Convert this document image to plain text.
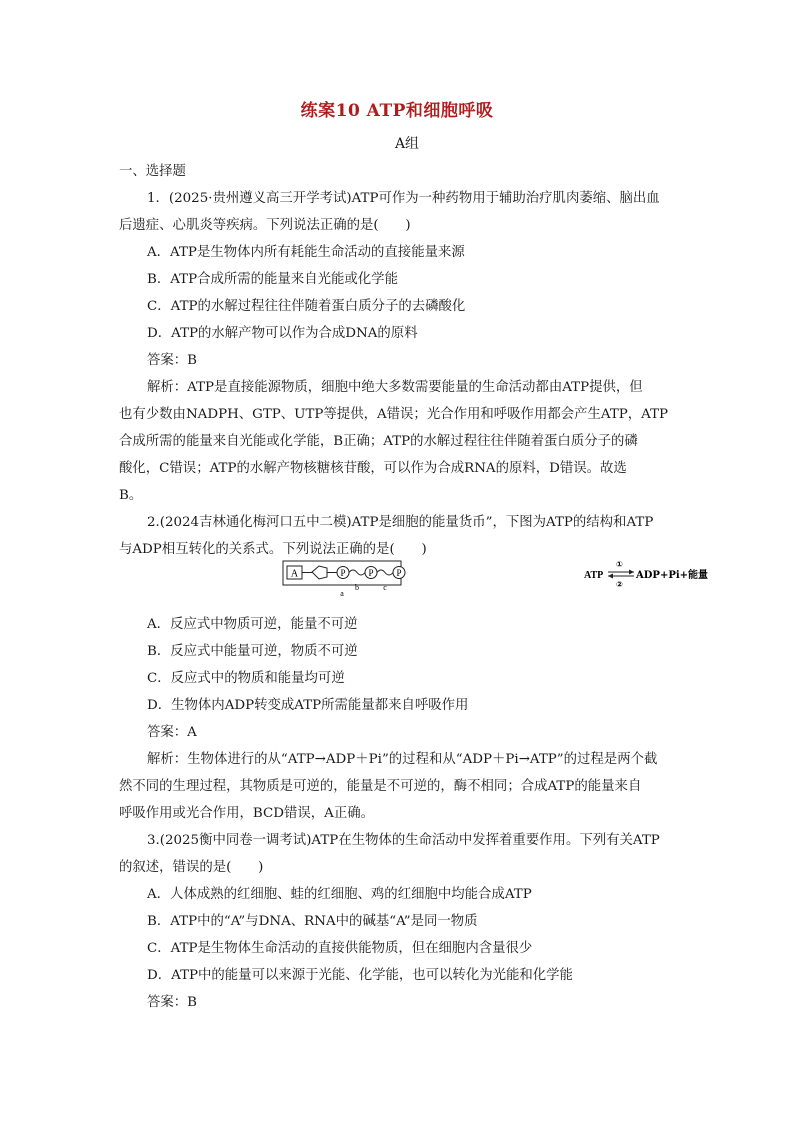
练案10 ATP和细胞呼吸
A组
一、选择题
1．(2025·贵州遵义高三开学考试)ATP可作为一种药物用于辅助治疗肌肉萎缩、脑出血
后遗症、心肌炎等疾病。下列说法正确的是(　　)
A．ATP是生物体内所有耗能生命活动的直接能量来源
B．ATP合成所需的能量来自光能或化学能
C．ATP的水解过程往往伴随着蛋白质分子的去磷酸化
D．ATP的水解产物可以作为合成DNA的原料
答案：B
解析：ATP是直接能源物质，细胞中绝大多数需要能量的生命活动都由ATP提供，但
也有少数由NADPH、GTP、UTP等提供，A错误；光合作用和呼吸作用都会产生ATP，ATP
合成所需的能量来自光能或化学能，B正确；ATP的水解过程往往伴随着蛋白质分子的磷
酸化，C错误；ATP的水解产物核糖核苷酸，可以作为合成RNA的原料，D错误。故选
B。
2.(2024吉林通化梅河口五中二模)ATP是细胞的能量货币”，下图为ATP的结构和ATP
与ADP相互转化的关系式。下列说法正确的是(　　)
A	P	P	P
a
b	c
ATP
①
②
ADP+Pi+能量
A．反应式中物质可逆，能量不可逆
B．反应式中能量可逆，物质不可逆
C．反应式中的物质和能量均可逆
D．生物体内ADP转变成ATP所需能量都来自呼吸作用
答案：A
解析：生物体进行的从“ATP→ADP＋Pi”的过程和从“ADP＋Pi→ATP”的过程是两个截
然不同的生理过程，其物质是可逆的，能量是不可逆的，酶不相同；合成ATP的能量来自
呼吸作用或光合作用，BCD错误，A正确。
3.(2025衡中同卷一调考试)ATP在生物体的生命活动中发挥着重要作用。下列有关ATP
的叙述，错误的是(　　)
A．人体成熟的红细胞、蛙的红细胞、鸡的红细胞中均能合成ATP
B．ATP中的“A”与DNA、RNA中的碱基“A”是同一物质
C．ATP是生物体生命活动的直接供能物质，但在细胞内含量很少
D．ATP中的能量可以来源于光能、化学能，也可以转化为光能和化学能
答案：B
